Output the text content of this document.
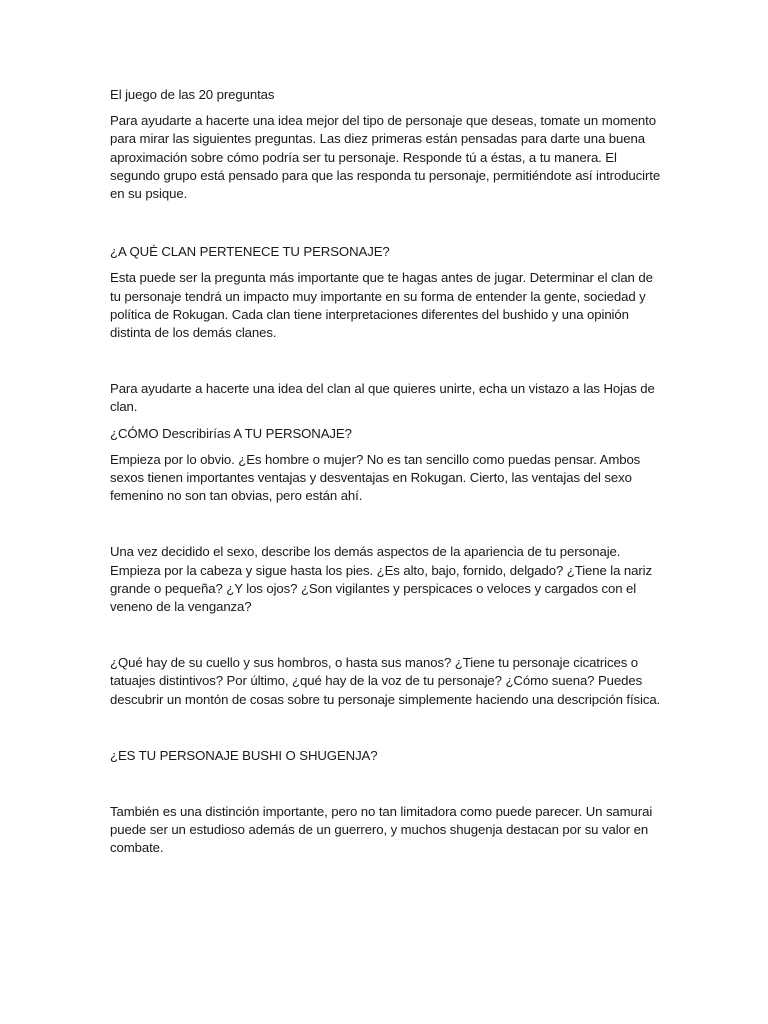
El juego de las 20 preguntas

Para ayudarte a hacerte una idea mejor del tipo de personaje que deseas, tomate un momento para mirar las siguientes preguntas. Las diez primeras están pensadas para darte una buena aproximación sobre cómo podría ser tu personaje. Responde tú a éstas, a tu manera. El segundo grupo está pensado para que las responda tu personaje, permitiéndote así introducirte en su psique.

¿A QUÉ CLAN PERTENECE TU PERSONAJE?

Esta puede ser la pregunta más importante que te hagas antes de jugar. Determinar el clan de tu personaje tendrá un impacto muy importante en su forma de entender la gente, sociedad y política de Rokugan. Cada clan tiene interpretaciones diferentes del bushido y una opinión distinta de los demás clanes.

Para ayudarte a hacerte una idea del clan al que quieres unirte, echa un vistazo a las Hojas de clan.

¿CÓMO Describirías A TU PERSONAJE?

Empieza por lo obvio. ¿Es hombre o mujer? No es tan sencillo como puedas pensar. Ambos sexos tienen importantes ventajas y desventajas en Rokugan. Cierto, las ventajas del sexo femenino no son tan obvias, pero están ahí.

Una vez decidido el sexo, describe los demás aspectos de la apariencia de tu personaje. Empieza por la cabeza y sigue hasta los pies. ¿Es alto, bajo, fornido, delgado? ¿Tiene la nariz grande o pequeña? ¿Y los ojos? ¿Son vigilantes y perspicaces o veloces y cargados con el veneno de la venganza?

¿Qué hay de su cuello y sus hombros, o hasta sus manos? ¿Tiene tu personaje cicatrices o tatuajes distintivos? Por último, ¿qué hay de la voz de tu personaje? ¿Cómo suena? Puedes descubrir un montón de cosas sobre tu personaje simplemente haciendo una descripción física.

¿ES TU PERSONAJE BUSHI O SHUGENJA?

También es una distinción importante, pero no tan limitadora como puede parecer. Un samurai puede ser un estudioso además de un guerrero, y muchos shugenja destacan por su valor en combate.
